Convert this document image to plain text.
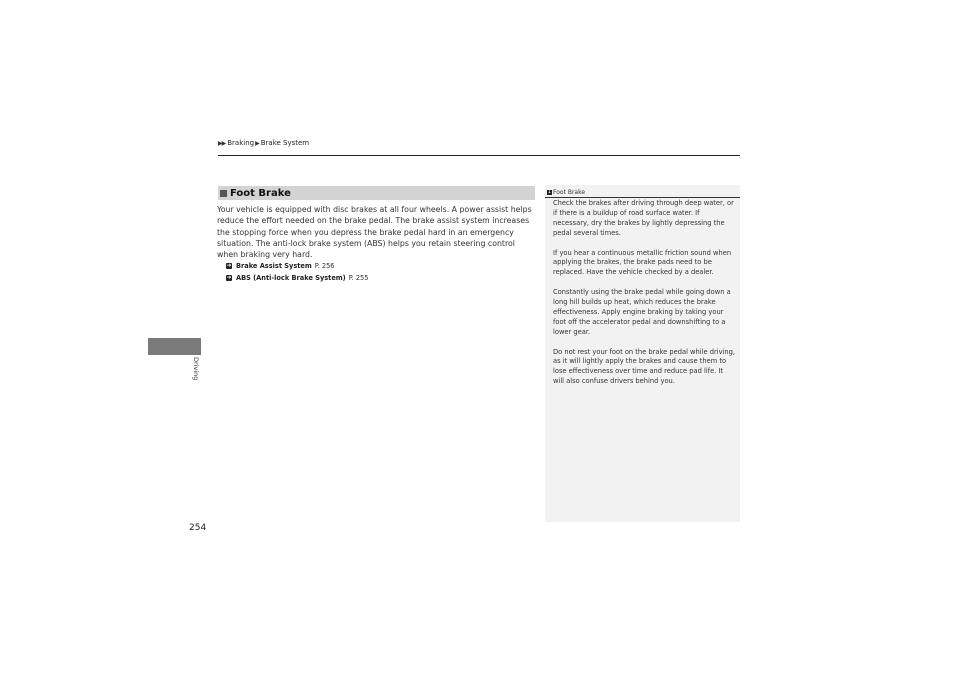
▶▶ Braking ▶ Brake System
Foot Brake
Your vehicle is equipped with disc brakes at all four wheels. A power assist helps reduce the effort needed on the brake pedal. The brake assist system increases the stopping force when you depress the brake pedal hard in an emergency situation. The anti-lock brake system (ABS) helps you retain steering control when braking very hard.
➜ Brake Assist System P. 256
➜ ABS (Anti-lock Brake System) P. 255
Driving
254
1 Foot Brake

Check the brakes after driving through deep water, or if there is a buildup of road surface water. If necessary, dry the brakes by lightly depressing the pedal several times.

If you hear a continuous metallic friction sound when applying the brakes, the brake pads need to be replaced. Have the vehicle checked by a dealer.

Constantly using the brake pedal while going down a long hill builds up heat, which reduces the brake effectiveness. Apply engine braking by taking your foot off the accelerator pedal and downshifting to a lower gear.

Do not rest your foot on the brake pedal while driving, as it will lightly apply the brakes and cause them to lose effectiveness over time and reduce pad life. It will also confuse drivers behind you.
